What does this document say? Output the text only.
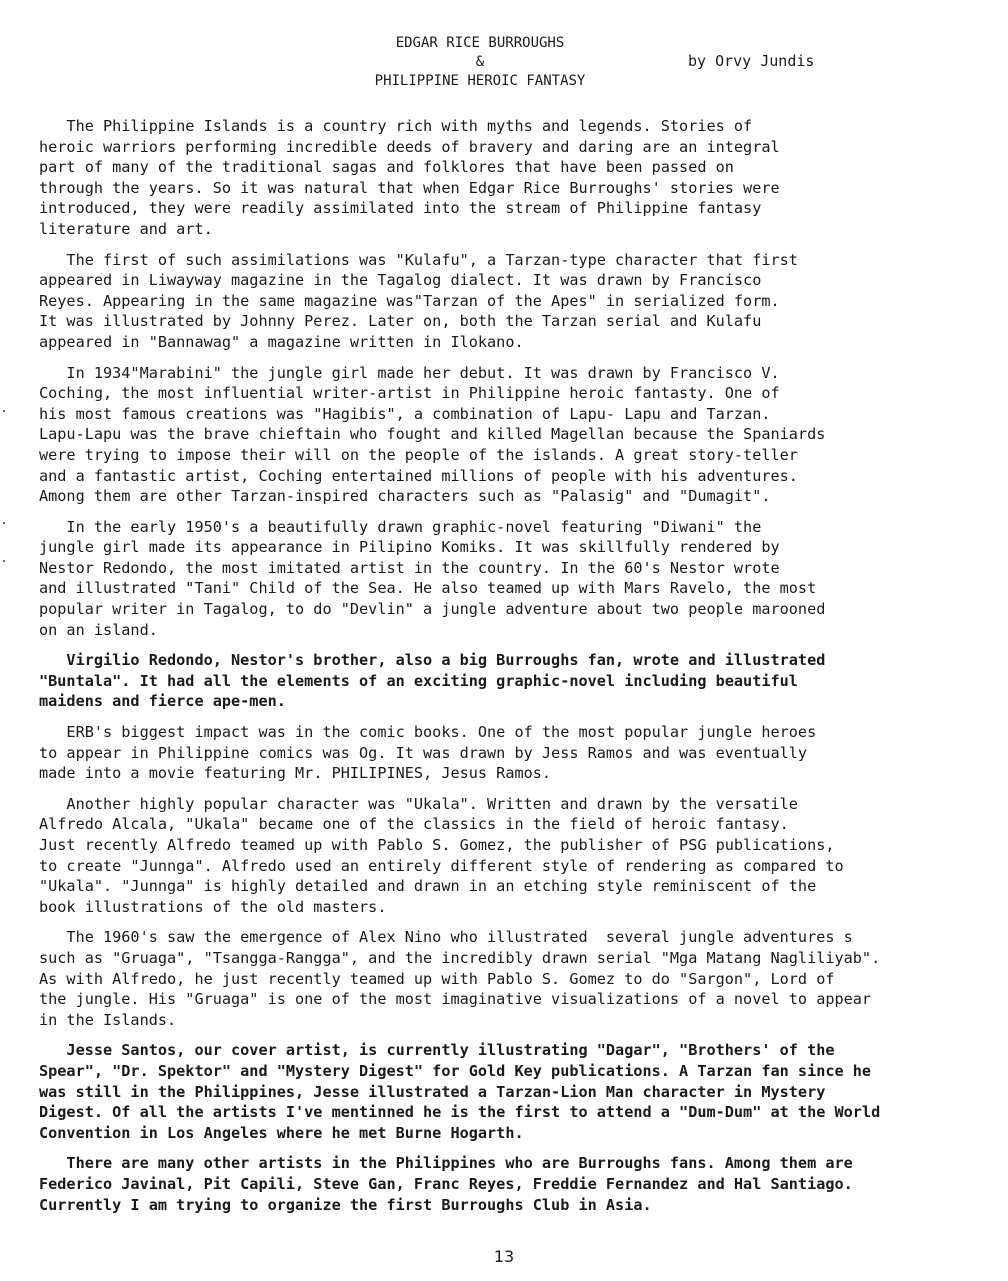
EDGAR RICE BURROUGHS
&
PHILIPPINE HEROIC FANTASY
by Orvy Jundis
The Philippine Islands is a country rich with myths and legends. Stories of
heroic warriors performing incredible deeds of bravery and daring are an integral
part of many of the traditional sagas and folklores that have been passed on
through the years. So it was natural that when Edgar Rice Burroughs' stories were
introduced, they were readily assimilated into the stream of Philippine fantasy
literature and art.
The first of such assimilations was "Kulafu", a Tarzan-type character that first
appeared in Liwayway magazine in the Tagalog dialect. It was drawn by Francisco
Reyes. Appearing in the same magazine was"Tarzan of the Apes" in serialized form.
It was illustrated by Johnny Perez. Later on, both the Tarzan serial and Kulafu
appeared in "Bannawag" a magazine written in Ilokano.
In 1934"Marabini" the jungle girl made her debut. It was drawn by Francisco V.
Coching, the most influential writer-artist in Philippine heroic fantasty. One of
his most famous creations was "Hagibis", a combination of Lapu- Lapu and Tarzan.
Lapu-Lapu was the brave chieftain who fought and killed Magellan because the Spaniards
were trying to impose their will on the people of the islands. A great story-teller
and a fantastic artist, Coching entertained millions of people with his adventures.
Among them are other Tarzan-inspired characters such as "Palasig" and "Dumagit".
In the early 1950's a beautifully drawn graphic-novel featuring "Diwani" the
jungle girl made its appearance in Pilipino Komiks. It was skillfully rendered by
Nestor Redondo, the most imitated artist in the country. In the 60's Nestor wrote
and illustrated "Tani" Child of the Sea. He also teamed up with Mars Ravelo, the most
popular writer in Tagalog, to do "Devlin" a jungle adventure about two people marooned
on an island.
Virgilio Redondo, Nestor's brother, also a big Burroughs fan, wrote and illustrated
"Buntala". It had all the elements of an exciting graphic-novel including beautiful
maidens and fierce ape-men.
ERB's biggest impact was in the comic books. One of the most popular jungle heroes
to appear in Philippine comics was Og. It was drawn by Jess Ramos and was eventually
made into a movie featuring Mr. PHILIPINES, Jesus Ramos.
Another highly popular character was "Ukala". Written and drawn by the versatile
Alfredo Alcala, "Ukala" became one of the classics in the field of heroic fantasy.
Just recently Alfredo teamed up with Pablo S. Gomez, the publisher of PSG publications,
to create "Junnga". Alfredo used an entirely different style of rendering as compared to
"Ukala". "Junnga" is highly detailed and drawn in an etching style reminiscent of the
book illustrations of the old masters.
The 1960's saw the emergence of Alex Nino who illustrated  several jungle adventures s
such as "Gruaga", "Tsangga-Rangga", and the incredibly drawn serial "Mga Matang Nagliliyab".
As with Alfredo, he just recently teamed up with Pablo S. Gomez to do "Sargon", Lord of
the jungle. His "Gruaga" is one of the most imaginative visualizations of a novel to appear
in the Islands.
Jesse Santos, our cover artist, is currently illustrating "Dagar", "Brothers' of the
Spear", "Dr. Spektor" and "Mystery Digest" for Gold Key publications. A Tarzan fan since he
was still in the Philippines, Jesse illustrated a Tarzan-Lion Man character in Mystery
Digest. Of all the artists I've mentinned he is the first to attend a "Dum-Dum" at the World
Convention in Los Angeles where he met Burne Hogarth.
There are many other artists in the Philippines who are Burroughs fans. Among them are
Federico Javinal, Pit Capili, Steve Gan, Franc Reyes, Freddie Fernandez and Hal Santiago.
Currently I am trying to organize the first Burroughs Club in Asia.
13
